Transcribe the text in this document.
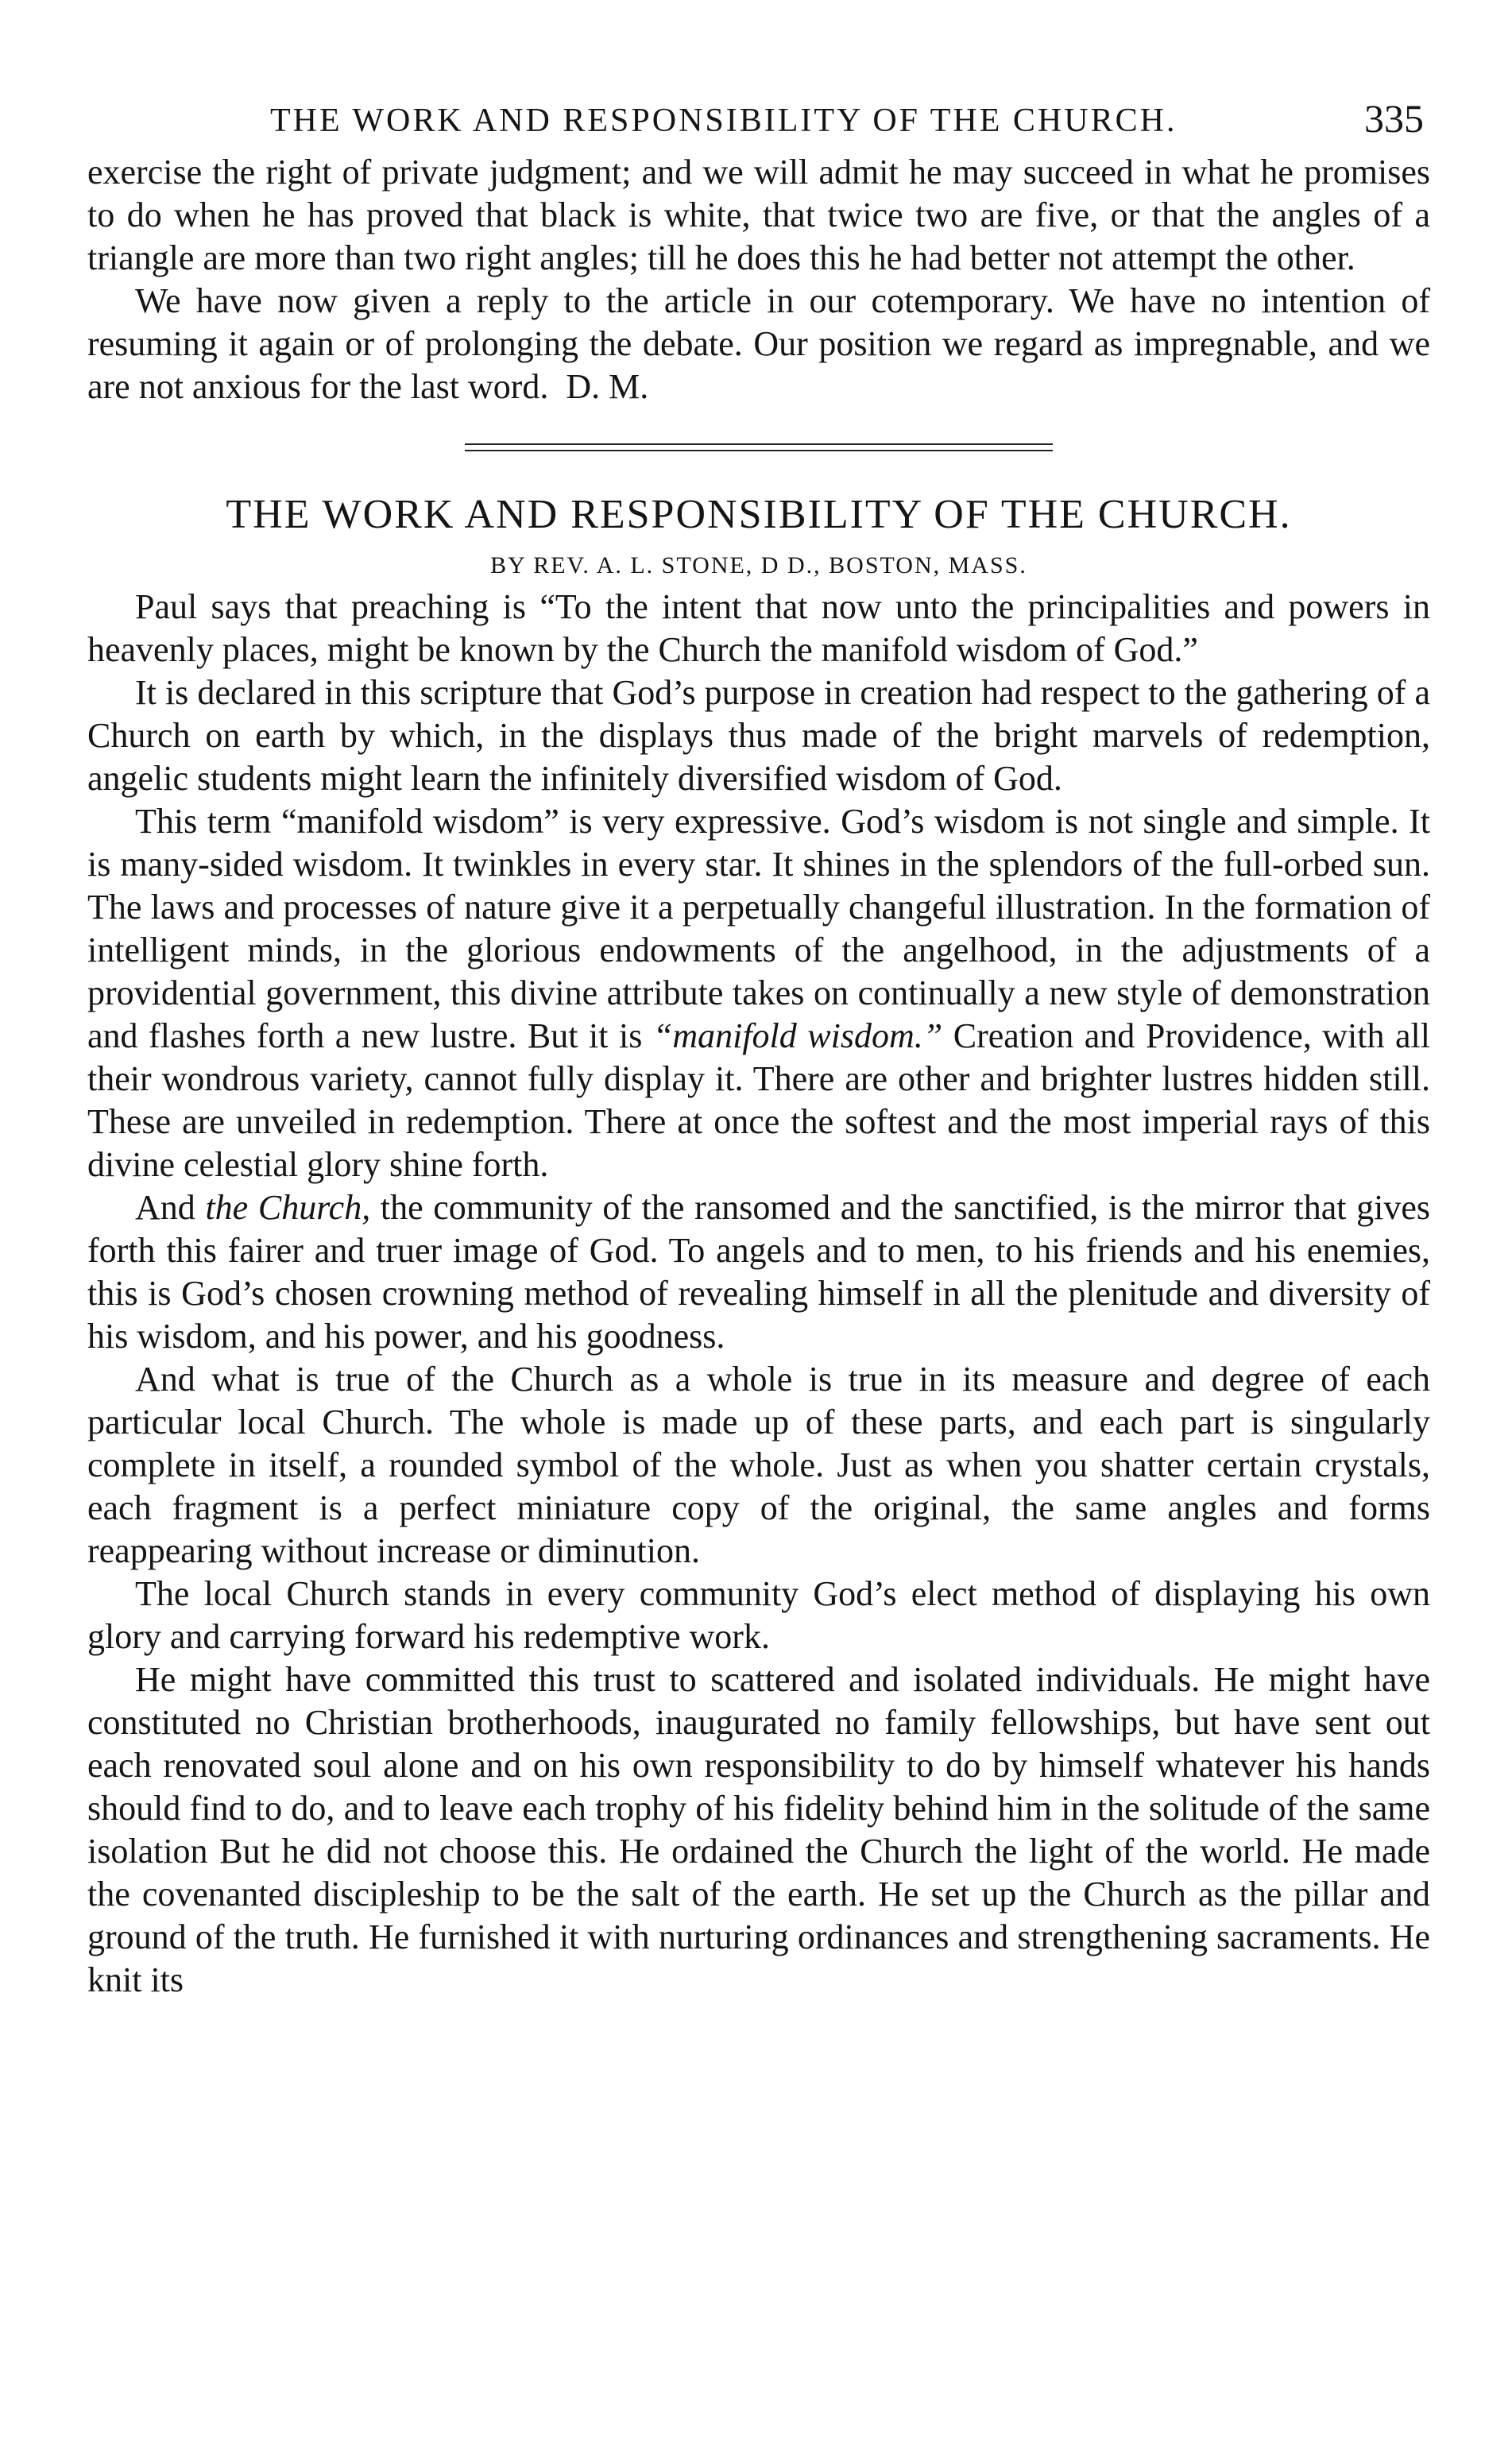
THE WORK AND RESPONSIBILITY OF THE CHURCH.	335

exercise the right of private judgment; and we will admit he may succeed in what he promises to do when he has proved that black is white, that twice two are five, or that the angles of a triangle are more than two right angles; till he does this he had better not attempt the other.

We have now given a reply to the article in our cotemporary. We have no intention of resuming it again or of prolonging the debate. Our position we regard as impregnable, and we are not anxious for the last word. D. M.

THE WORK AND RESPONSIBILITY OF THE CHURCH.
BY REV. A. L. STONE, D D., BOSTON, MASS.

Paul says that preaching is “To the intent that now unto the principalities and powers in heavenly places, might be known by the Church the manifold wisdom of God.”

It is declared in this scripture that God’s purpose in creation had respect to the gathering of a Church on earth by which, in the displays thus made of the bright marvels of redemption, angelic students might learn the infinitely diversified wisdom of God.

This term “manifold wisdom” is very expressive. God’s wisdom is not single and simple. It is many-sided wisdom. It twinkles in every star. It shines in the splendors of the full-orbed sun. The laws and processes of nature give it a perpetually changeful illustration. In the formation of intelligent minds, in the glorious endowments of the angelhood, in the adjustments of a providential government, this divine attribute takes on continually a new style of demonstration and flashes forth a new lustre. But it is “manifold wisdom.” Creation and Providence, with all their wondrous variety, cannot fully display it. There are other and brighter lustres hidden still. These are unveiled in redemption. There at once the softest and the most imperial rays of this divine celestial glory shine forth.

And the Church, the community of the ransomed and the sanctified, is the mirror that gives forth this fairer and truer image of God. To angels and to men, to his friends and his enemies, this is God’s chosen crowning method of revealing himself in all the plenitude and diversity of his wisdom, and his power, and his goodness.

And what is true of the Church as a whole is true in its measure and degree of each particular local Church. The whole is made up of these parts, and each part is singularly complete in itself, a rounded symbol of the whole. Just as when you shatter certain crystals, each fragment is a perfect miniature copy of the original, the same angles and forms reappearing without increase or diminution.

The local Church stands in every community God’s elect method of displaying his own glory and carrying forward his redemptive work.

He might have committed this trust to scattered and isolated individuals. He might have constituted no Christian brotherhoods, inaugurated no family fellowships, but have sent out each renovated soul alone and on his own responsibility to do by himself whatever his hands should find to do, and to leave each trophy of his fidelity behind him in the solitude of the same isolation But he did not choose this. He ordained the Church the light of the world. He made the covenanted discipleship to be the salt of the earth. He set up the Church as the pillar and ground of the truth. He furnished it with nurturing ordinances and strengthening sacraments. He knit its
